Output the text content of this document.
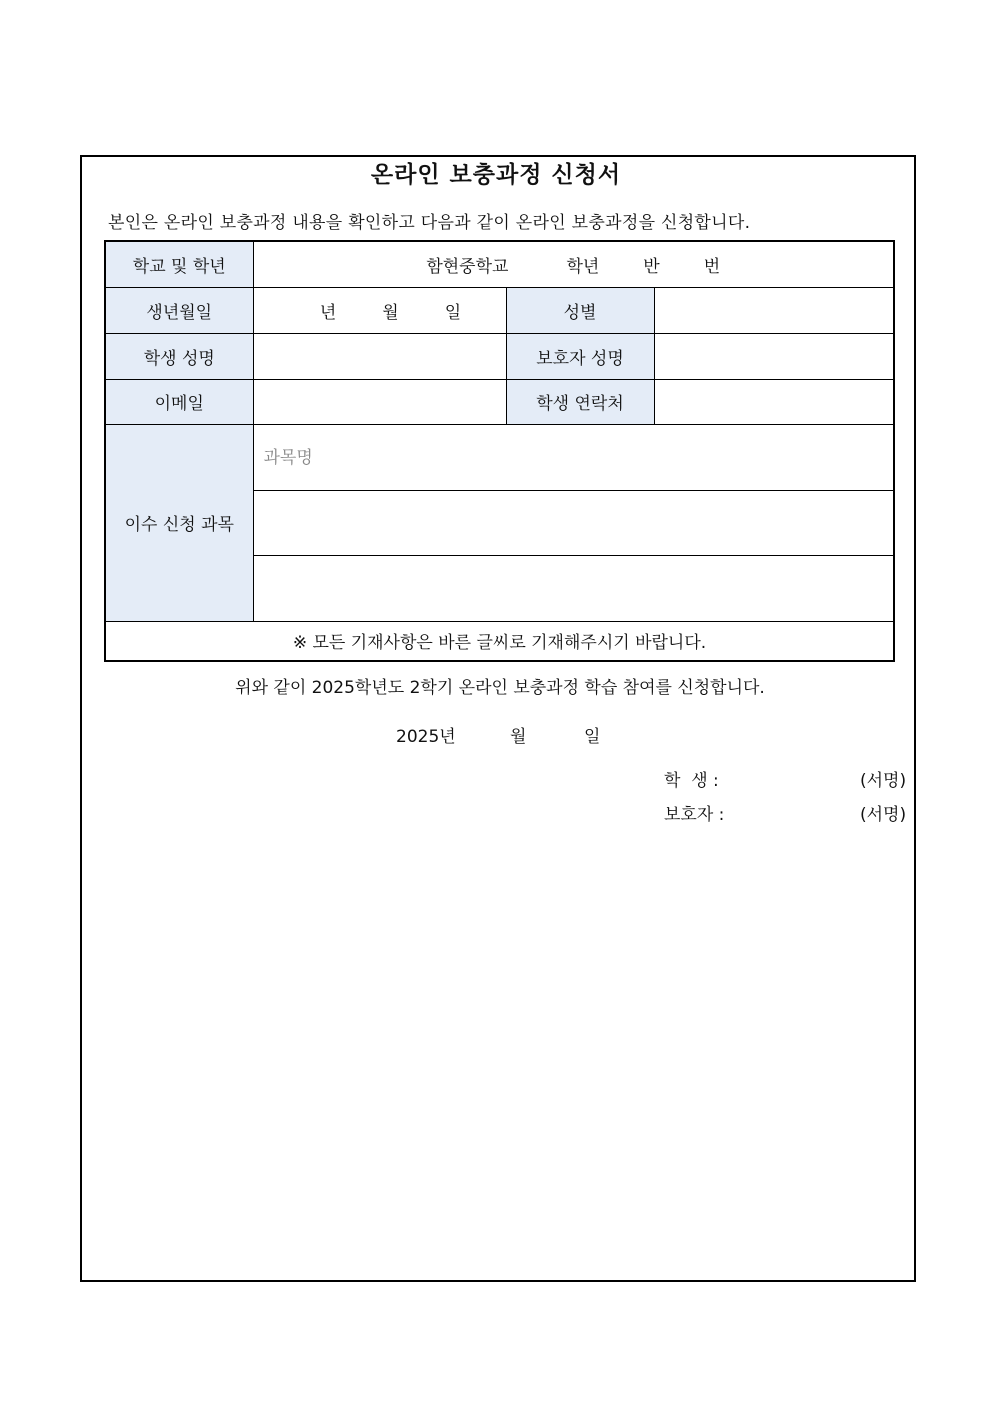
온라인 보충과정 신청서
본인은 온라인 보충과정 내용을 확인하고 다음과 같이 온라인 보충과정을 신청합니다.
학교 및 학년	함현중학교 학년 반 번		
생년월일	년 월 일	성별	
학생 성명		보호자 성명	
이메일		학생 연락처	
이수 신청 과목	과목명		

※ 모든 기재사항은 바른 글씨로 기재해주시기 바랍니다.			
위와 같이 2025학년도 2학기 온라인 보충과정 학습 참여를 신청합니다.
2025년	월	일
학  생 :	(서명)
보호자 :	(서명)
